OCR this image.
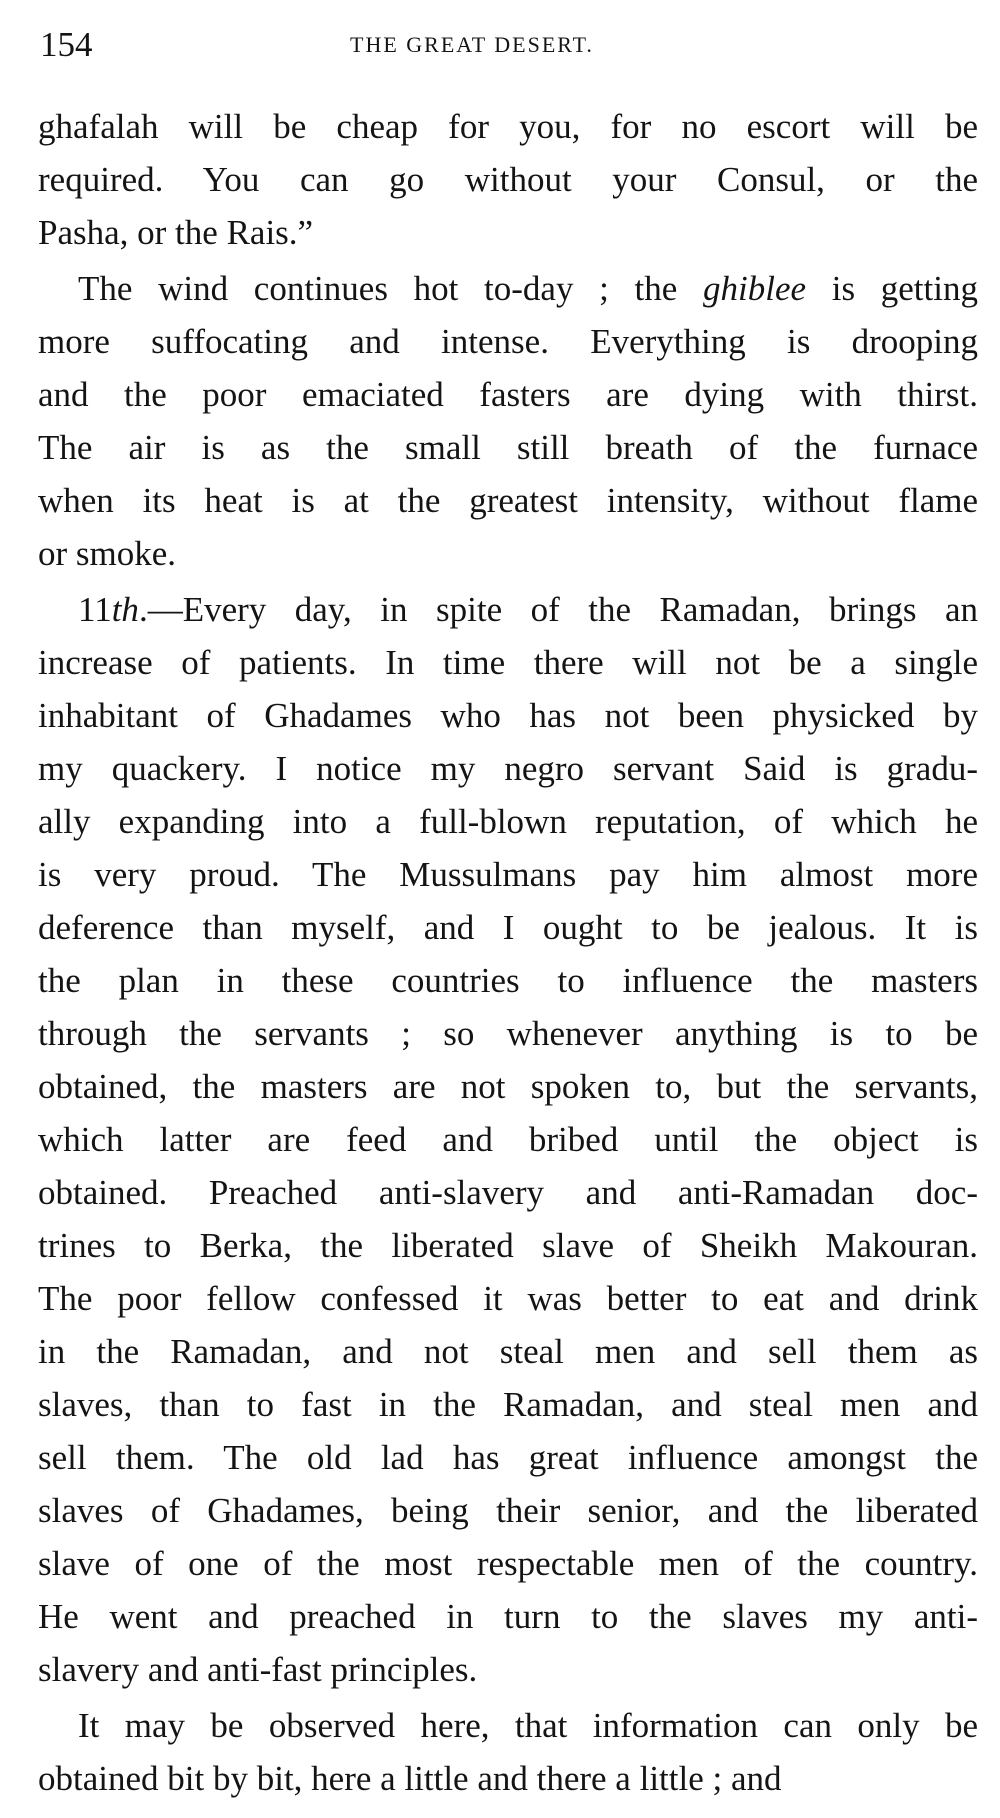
154	THE GREAT DESERT.
ghafalah will be cheap for you, for no escort will be
required. You can go without your Consul, or the
Pasha, or the Rais.”
The wind continues hot to-day ; the ghiblee is getting
more suffocating and intense. Everything is drooping
and the poor emaciated fasters are dying with thirst.
The air is as the small still breath of the furnace
when its heat is at the greatest intensity, without flame
or smoke.
11th.—Every day, in spite of the Ramadan, brings an
increase of patients. In time there will not be a single
inhabitant of Ghadames who has not been physicked by
my quackery. I notice my negro servant Said is gradu-
ally expanding into a full-blown reputation, of which he
is very proud. The Mussulmans pay him almost more
deference than myself, and I ought to be jealous. It is
the plan in these countries to influence the masters
through the servants ; so whenever anything is to be
obtained, the masters are not spoken to, but the servants,
which latter are feed and bribed until the object is
obtained. Preached anti-slavery and anti-Ramadan doc-
trines to Berka, the liberated slave of Sheikh Makouran.
The poor fellow confessed it was better to eat and drink
in the Ramadan, and not steal men and sell them as
slaves, than to fast in the Ramadan, and steal men and
sell them. The old lad has great influence amongst the
slaves of Ghadames, being their senior, and the liberated
slave of one of the most respectable men of the country.
He went and preached in turn to the slaves my anti-
slavery and anti-fast principles.
It may be observed here, that information can only be
obtained bit by bit, here a little and there a little ; and
